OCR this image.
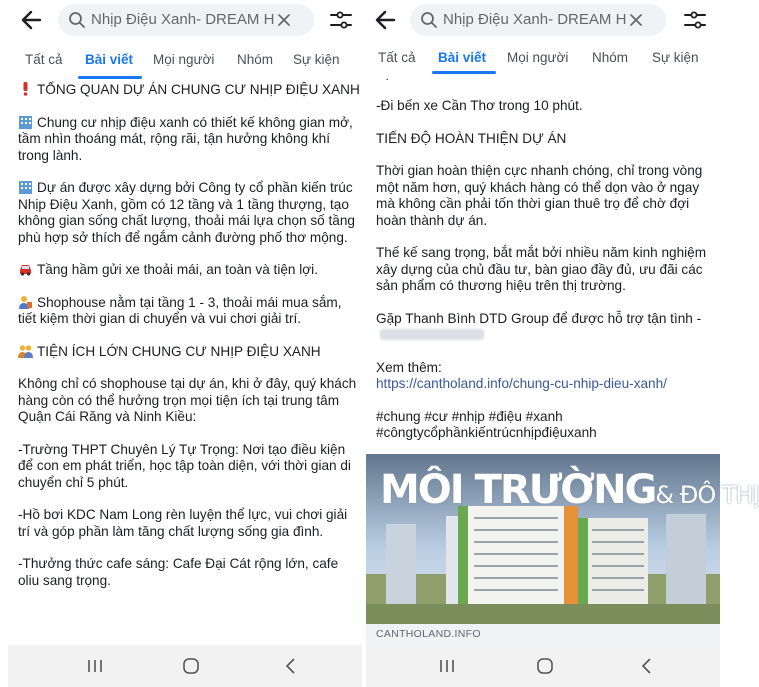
Nhịp Điệu Xanh- DREAM H
Tất cả Bài viết Mọi người Nhóm Sự kiện

TỔNG QUAN DỰ ÁN CHUNG CƯ NHỊP ĐIỆU XANH

Chung cư nhịp điệu xanh có thiết kế không gian mở, tầm nhìn thoáng mát, rộng rãi, tận hưởng không khí trong lành.

Dự án được xây dựng bởi Công ty cổ phần kiến trúc Nhịp Điệu Xanh, gồm có 12 tầng và 1 tầng thượng, tạo không gian sống chất lượng, thoải mái lựa chọn số tầng phù hợp sở thích để ngắm cảnh đường phố thơ mộng.

Tầng hầm gửi xe thoải mái, an toàn và tiện lợi.

Shophouse nằm tại tầng 1 - 3, thoải mái mua sắm, tiết kiệm thời gian di chuyển và vui chơi giải trí.

TIỆN ÍCH LỚN CHUNG CƯ NHỊP ĐIỆU XANH

Không chỉ có shophouse tại dự án, khi ở đây, quý khách hàng còn có thể hưởng trọn mọi tiện ích tại trung tâm Quận Cái Răng và Ninh Kiều:

-Trường THPT Chuyên Lý Tự Trọng: Nơi tạo điều kiện để con em phát triển, học tập toàn diện, với thời gian di chuyển chỉ 5 phút.

-Hồ bơi KDC Nam Long rèn luyện thể lực, vui chơi giải trí và góp phần làm tăng chất lượng sống gia đình.

-Thưởng thức cafe sáng: Cafe Đại Cát rộng lớn, cafe oliu sang trọng.

Nhịp Điệu Xanh- DREAM H
Tất cả Bài viết Mọi người Nhóm Sự kiện

-Đi bến xe Cần Thơ trong 10 phút.

TIẾN ĐỘ HOÀN THIỆN DỰ ÁN

Thời gian hoàn thiện cực nhanh chóng, chỉ trong vòng một năm hơn, quý khách hàng có thể dọn vào ở ngay mà không cần phải tốn thời gian thuê trọ để chờ đợi hoàn thành dự án.

Thế kế sang trọng, bắt mắt bởi nhiều năm kinh nghiệm xây dựng của chủ đầu tư, bàn giao đầy đủ, ưu đãi các sản phẩm có thương hiệu trên thị trường.

Gặp Thanh Bình DTD Group để được hỗ trợ tận tình -

Xem thêm:
https://cantholand.info/chung-cu-nhip-dieu-xanh/

#chung #cư #nhịp #điệu #xanh #côngtycổphầnkiếntrúcnhịpđiệuxanh

MÔI TRƯỜNG& ĐÔ THỊ
CANTHOLAND.INFO
